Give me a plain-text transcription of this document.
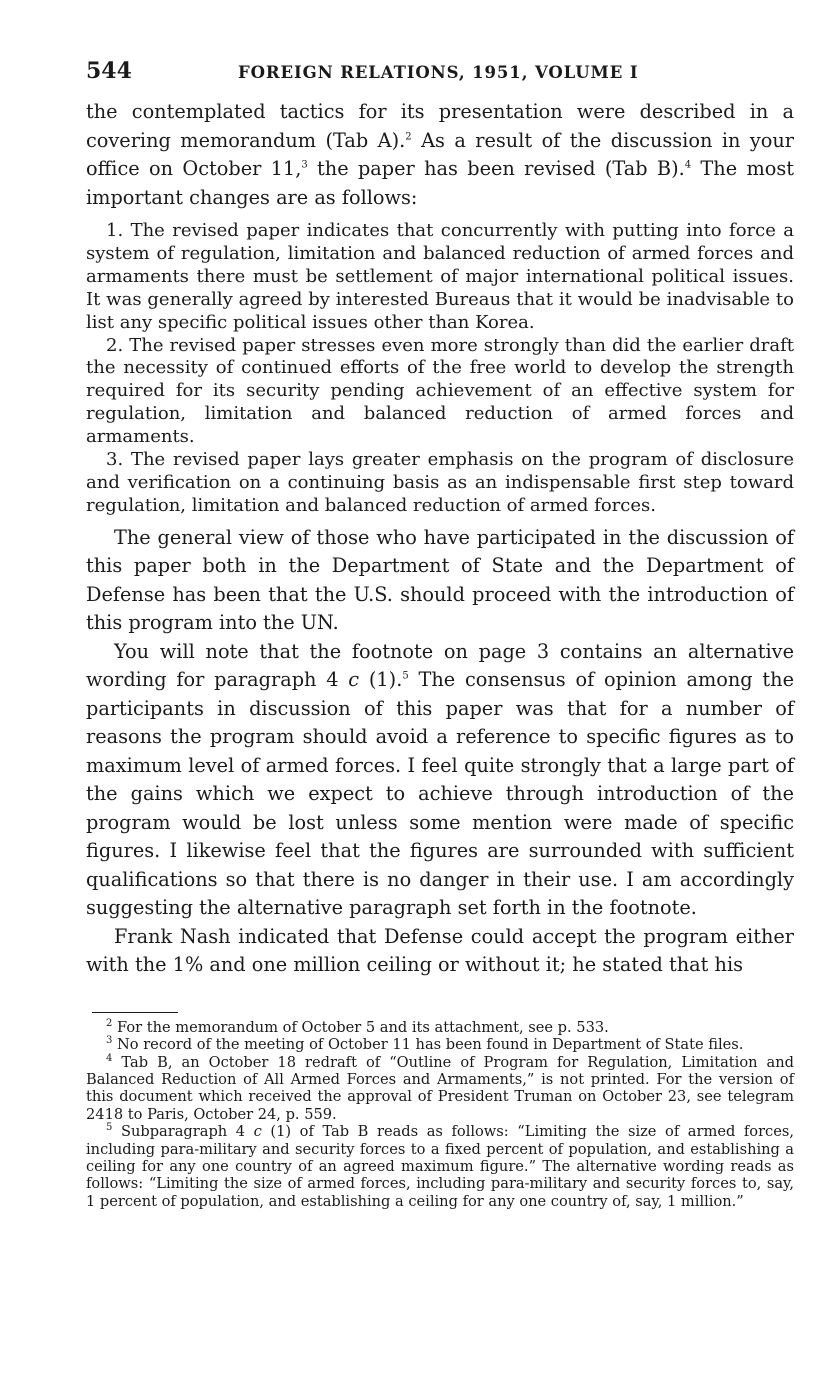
544	FOREIGN RELATIONS, 1951, VOLUME I

the contemplated tactics for its presentation were described in a covering memorandum (Tab A).$^2$ As a result of the discussion in your office on October 11,$^3$ the paper has been revised (Tab B).$^4$ The most important changes are as follows:

1. The revised paper indicates that concurrently with putting into force a system of regulation, limitation and balanced reduction of armed forces and armaments there must be settlement of major international political issues. It was generally agreed by interested Bureaus that it would be inadvisable to list any specific political issues other than Korea.

2. The revised paper stresses even more strongly than did the earlier draft the necessity of continued efforts of the free world to develop the strength required for its security pending achievement of an effective system for regulation, limitation and balanced reduction of armed forces and armaments.

3. The revised paper lays greater emphasis on the program of disclosure and verification on a continuing basis as an indispensable first step toward regulation, limitation and balanced reduction of armed forces.

The general view of those who have participated in the discussion of this paper both in the Department of State and the Department of Defense has been that the U.S. should proceed with the introduction of this program into the UN.

You will note that the footnote on page 3 contains an alternative wording for paragraph 4 c (1).$^5$ The consensus of opinion among the participants in discussion of this paper was that for a number of reasons the program should avoid a reference to specific figures as to maximum level of armed forces. I feel quite strongly that a large part of the gains which we expect to achieve through introduction of the program would be lost unless some mention were made of specific figures. I likewise feel that the figures are surrounded with sufficient qualifications so that there is no danger in their use. I am accordingly suggesting the alternative paragraph set forth in the footnote.

Frank Nash indicated that Defense could accept the program either with the 1% and one million ceiling or without it; he stated that his

$^2$ For the memorandum of October 5 and its attachment, see p. 533.

$^3$ No record of the meeting of October 11 has been found in Department of State files.

$^4$ Tab B, an October 18 redraft of “Outline of Program for Regulation, Limitation and Balanced Reduction of All Armed Forces and Armaments,” is not printed. For the version of this document which received the approval of President Truman on October 23, see telegram 2418 to Paris, October 24, p. 559.

$^5$ Subparagraph 4 c (1) of Tab B reads as follows: “Limiting the size of armed forces, including para-military and security forces to a fixed percent of population, and establishing a ceiling for any one country of an agreed maximum figure.” The alternative wording reads as follows: “Limiting the size of armed forces, including para-military and security forces to, say, 1 percent of population, and establishing a ceiling for any one country of, say, 1 million.”
